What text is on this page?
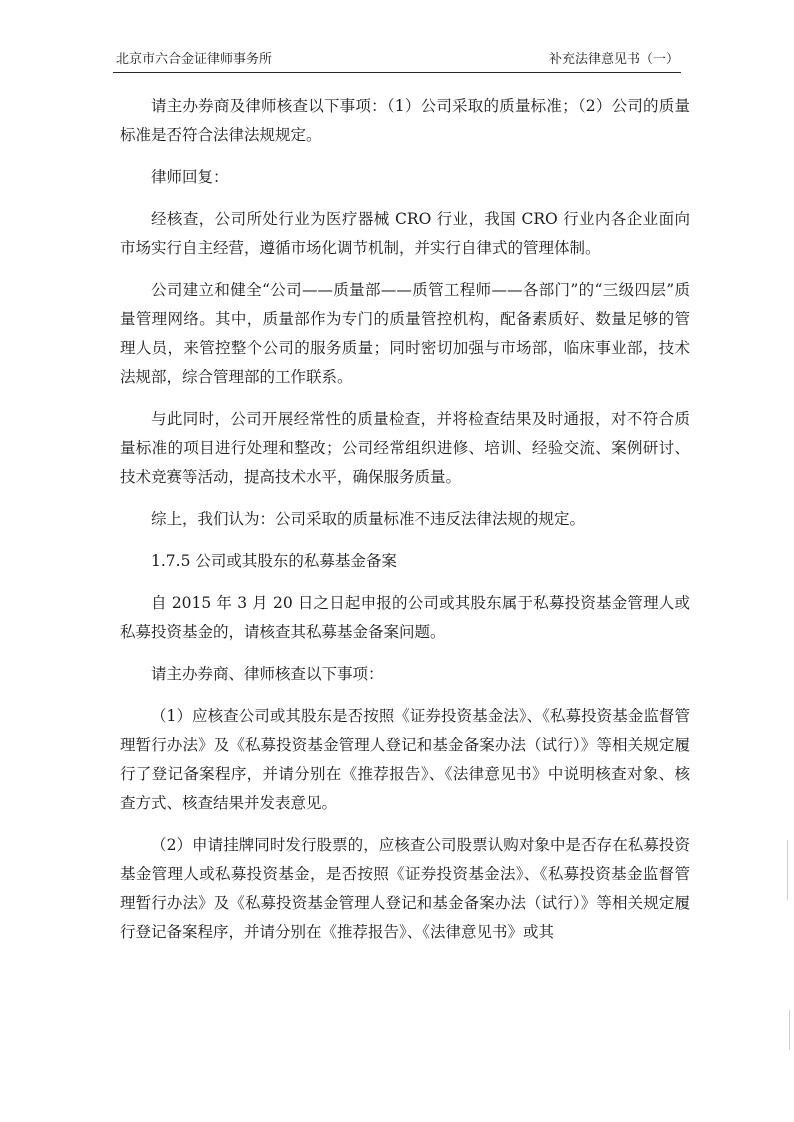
北京市六合金证律师事务所	补充法律意见书（一）

请主办券商及律师核查以下事项：（1）公司采取的质量标准；（2）公司的质量标准是否符合法律法规规定。

律师回复：

经核查，公司所处行业为医疗器械 CRO 行业，我国 CRO 行业内各企业面向市场实行自主经营，遵循市场化调节机制，并实行自律式的管理体制。

公司建立和健全“公司——质量部——质管工程师——各部门”的“三级四层”质量管理网络。其中，质量部作为专门的质量管控机构，配备素质好、数量足够的管理人员，来管控整个公司的服务质量；同时密切加强与市场部，临床事业部，技术法规部，综合管理部的工作联系。

与此同时，公司开展经常性的质量检查，并将检查结果及时通报，对不符合质量标准的项目进行处理和整改；公司经常组织进修、培训、经验交流、案例研讨、技术竞赛等活动，提高技术水平，确保服务质量。

综上，我们认为：公司采取的质量标准不违反法律法规的规定。

1.7.5 公司或其股东的私募基金备案

自 2015 年 3 月 20 日之日起申报的公司或其股东属于私募投资基金管理人或私募投资基金的，请核查其私募基金备案问题。

请主办券商、律师核查以下事项：

（1）应核查公司或其股东是否按照《证券投资基金法》、《私募投资基金监督管理暂行办法》及《私募投资基金管理人登记和基金备案办法（试行）》等相关规定履行了登记备案程序，并请分别在《推荐报告》、《法律意见书》中说明核查对象、核查方式、核查结果并发表意见。

（2）申请挂牌同时发行股票的，应核查公司股票认购对象中是否存在私募投资基金管理人或私募投资基金，是否按照《证券投资基金法》、《私募投资基金监督管理暂行办法》及《私募投资基金管理人登记和基金备案办法（试行）》等相关规定履行登记备案程序，并请分别在《推荐报告》、《法律意见书》或其
